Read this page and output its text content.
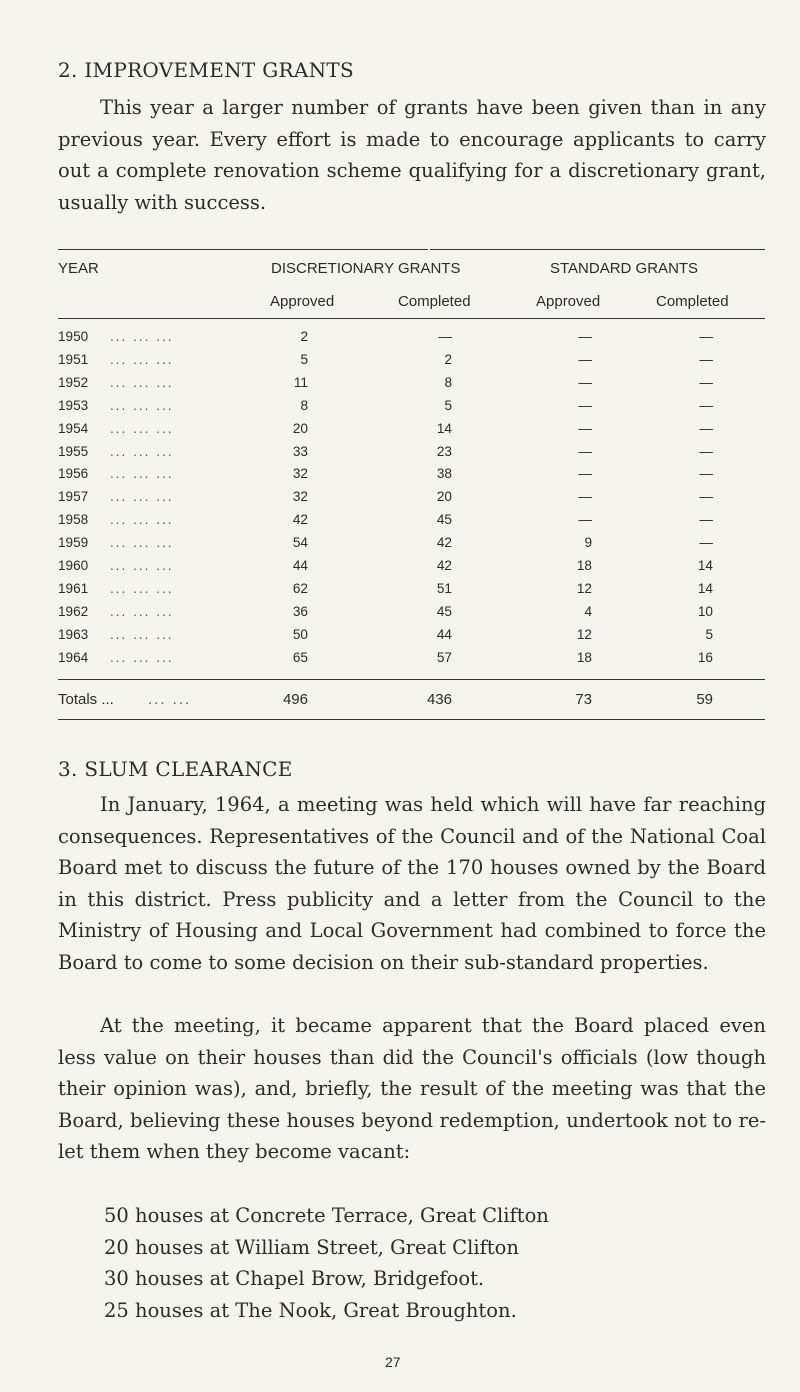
2. IMPROVEMENT GRANTS

This year a larger number of grants have been given than in any previous year. Every effort is made to encourage applicants to carry out a complete renovation scheme qualifying for a discretionary grant, usually with success.

YEAR	DISCRETIONARY GRANTS	STANDARD GRANTS
Approved	Completed	Approved	Completed
1950 ... ... ...	2	—	—	—
1951 ... ... ...	5	2	—	—
1952 ... ... ...	11	8	—	—
1953 ... ... ...	8	5	—	—
1954 ... ... ...	20	14	—	—
1955 ... ... ...	33	23	—	—
1956 ... ... ...	32	38	—	—
1957 ... ... ...	32	20	—	—
1958 ... ... ...	42	45	—	—
1959 ... ... ...	54	42	9	—
1960 ... ... ...	44	42	18	14
1961 ... ... ...	62	51	12	14
1962 ... ... ...	36	45	4	10
1963 ... ... ...	50	44	12	5
1964 ... ... ...	65	57	18	16
Totals ... ... ...	496	436	73	59
3. SLUM CLEARANCE

In January, 1964, a meeting was held which will have far reaching consequences. Representatives of the Council and of the National Coal Board met to discuss the future of the 170 houses owned by the Board in this district. Press publicity and a letter from the Council to the Ministry of Housing and Local Government had combined to force the Board to come to some decision on their sub-standard properties.

At the meeting, it became apparent that the Board placed even less value on their houses than did the Council's officials (low though their opinion was), and, briefly, the result of the meeting was that the Board, believing these houses beyond redemption, undertook not to re-let them when they become vacant:

50 houses at Concrete Terrace, Great Clifton
20 houses at William Street, Great Clifton
30 houses at Chapel Brow, Bridgefoot.
25 houses at The Nook, Great Broughton.
27
